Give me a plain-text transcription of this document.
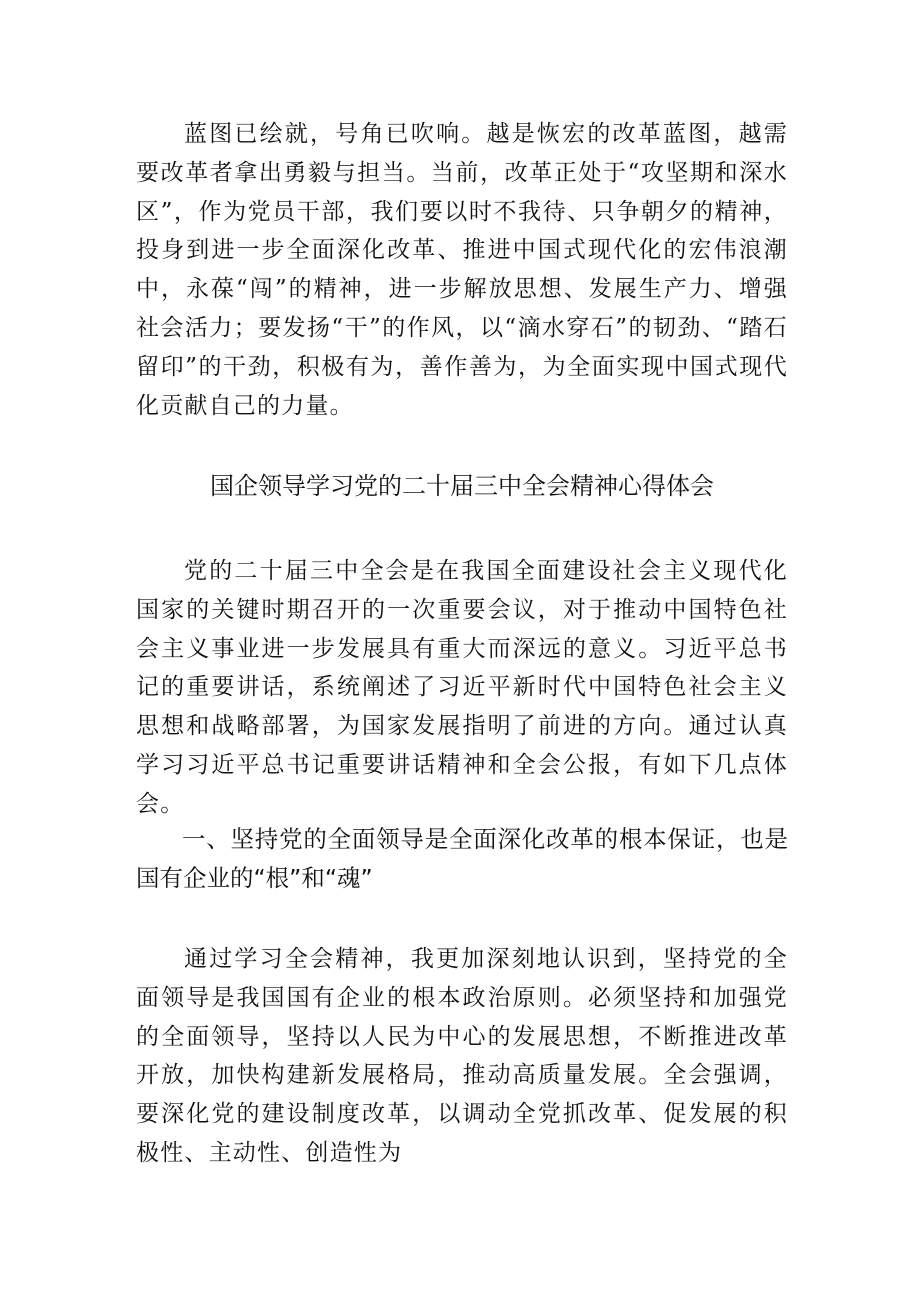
蓝图已绘就，号角已吹响。越是恢宏的改革蓝图，越需要改革者拿出勇毅与担当。当前，改革正处于“攻坚期和深水区”，作为党员干部，我们要以时不我待、只争朝夕的精神，投身到进一步全面深化改革、推进中国式现代化的宏伟浪潮中，永葆“闯”的精神，进一步解放思想、发展生产力、增强社会活力；要发扬“干”的作风，以“滴水穿石”的韧劲、“踏石留印”的干劲，积极有为，善作善为，为全面实现中国式现代化贡献自己的力量。

国企领导学习党的二十届三中全会精神心得体会

党的二十届三中全会是在我国全面建设社会主义现代化国家的关键时期召开的一次重要会议，对于推动中国特色社会主义事业进一步发展具有重大而深远的意义。习近平总书记的重要讲话，系统阐述了习近平新时代中国特色社会主义思想和战略部署，为国家发展指明了前进的方向。通过认真学习习近平总书记重要讲话精神和全会公报，有如下几点体会。

一、坚持党的全面领导是全面深化改革的根本保证，也是国有企业的“根”和“魂”

通过学习全会精神，我更加深刻地认识到，坚持党的全面领导是我国国有企业的根本政治原则。必须坚持和加强党的全面领导，坚持以人民为中心的发展思想，不断推进改革开放，加快构建新发展格局，推动高质量发展。全会强调，要深化党的建设制度改革，以调动全党抓改革、促发展的积极性、主动性、创造性为
